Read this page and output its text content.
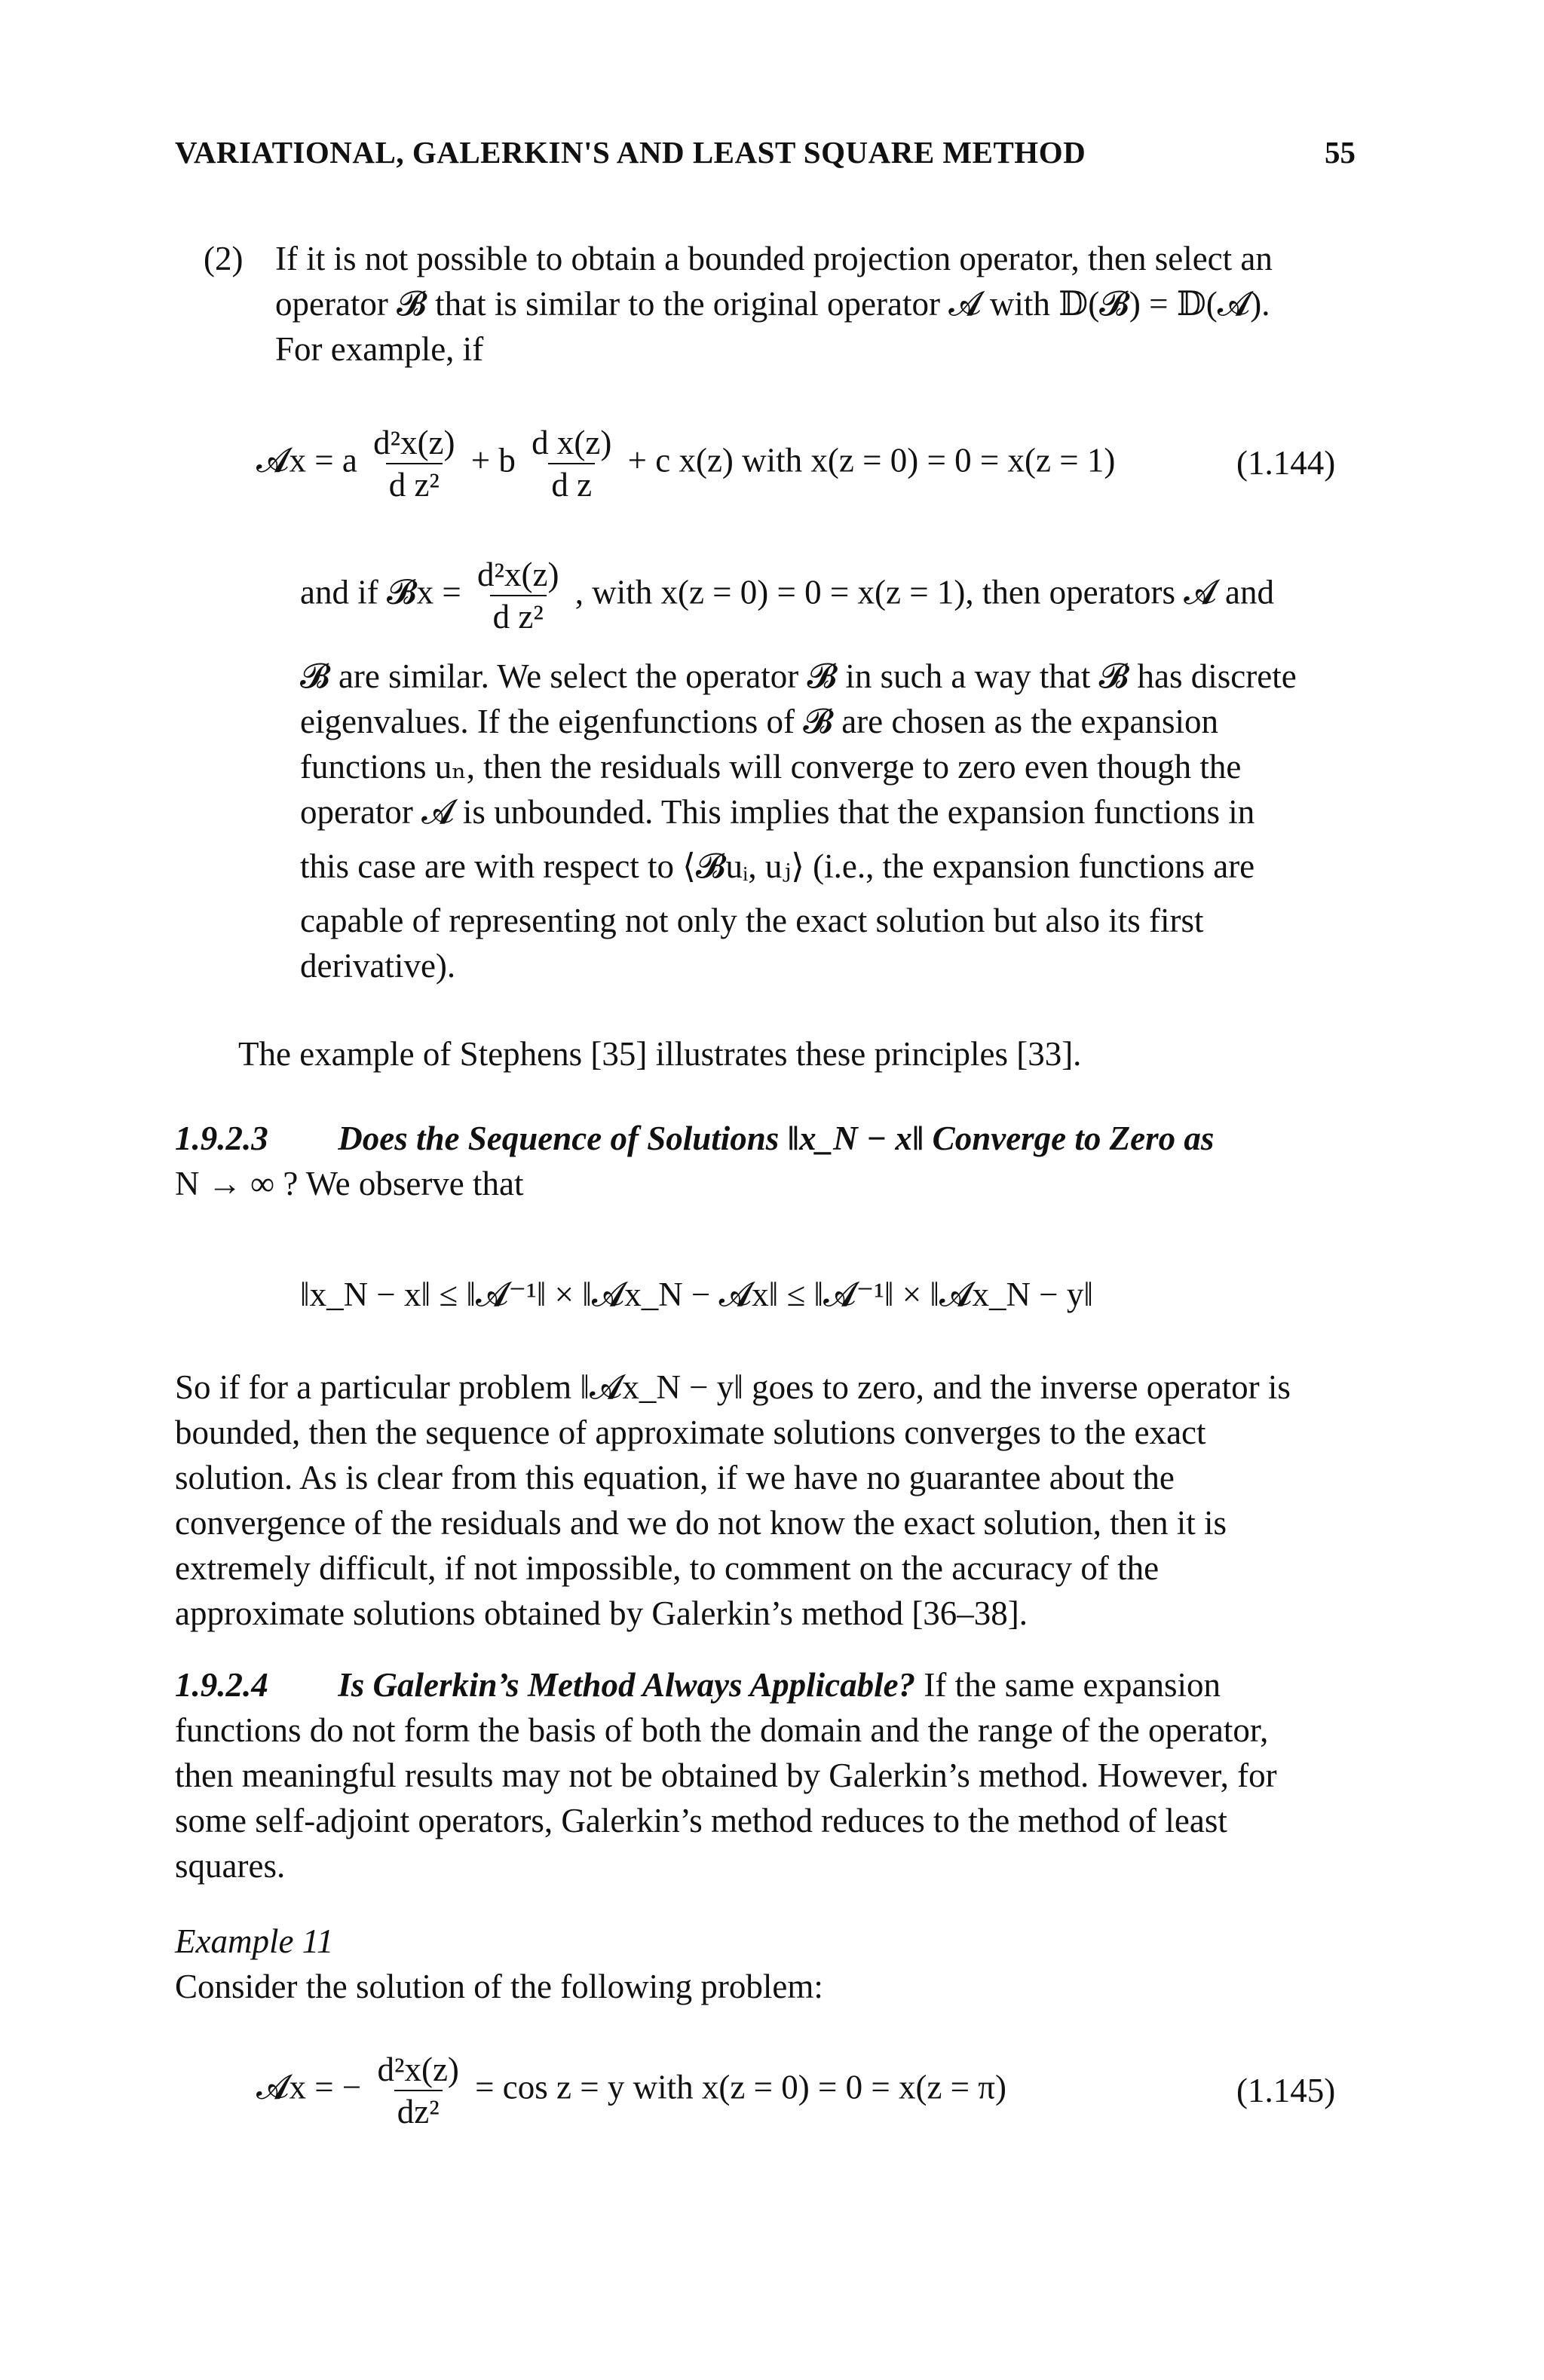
VARIATIONAL, GALERKIN'S AND LEAST SQUARE METHOD	55
(2) If it is not possible to obtain a bounded projection operator, then select an
operator 𝓑 that is similar to the original operator 𝓐 with 𝔻(𝓑) = 𝔻(𝓐).
For example, if
𝓐x = a $\frac{\text{d²x(z)}}{\text{d z²}} + b \frac{\text{d x(z)}}{\text{d z}} + c$ x(z) with x(z = 0) = 0 = x(z = 1)	(1.144)
and if 𝓑x = $\frac{\text{d²x(z)}}{\text{d z²}}$ , with x(z = 0) = 0 = x(z = 1), then operators 𝓐 and
𝓑 are similar. We select the operator 𝓑 in such a way that 𝓑 has discrete
eigenvalues. If the eigenfunctions of 𝓑 are chosen as the expansion
functions uₙ, then the residuals will converge to zero even though the
operator 𝓐 is unbounded. This implies that the expansion functions in
this case are with respect to ⟨𝓑uᵢ, uⱼ⟩ (i.e., the expansion functions are
capable of representing not only the exact solution but also its first
derivative).
The example of Stephens [35] illustrates these principles [33].
1.9.2.3 Does the Sequence of Solutions ‖x_N − x‖ Converge to Zero as
N → ∞ ? We observe that
‖x_N − x‖ ≤ ‖𝓐⁻¹‖ × ‖𝓐x_N − 𝓐x‖ ≤ ‖𝓐⁻¹‖ × ‖𝓐x_N − y‖
So if for a particular problem ‖𝓐x_N − y‖ goes to zero, and the inverse operator is
bounded, then the sequence of approximate solutions converges to the exact
solution. As is clear from this equation, if we have no guarantee about the
convergence of the residuals and we do not know the exact solution, then it is
extremely difficult, if not impossible, to comment on the accuracy of the
approximate solutions obtained by Galerkin’s method [36–38].
1.9.2.4 Is Galerkin’s Method Always Applicable? If the same expansion
functions do not form the basis of both the domain and the range of the operator,
then meaningful results may not be obtained by Galerkin’s method. However, for
some self-adjoint operators, Galerkin’s method reduces to the method of least
squares.
Example 11
Consider the solution of the following problem:
𝓐x = − $\frac{\text{d²x(z)}}{\text{dz²}} = \cos z = y$ with x(z = 0) = 0 = x(z = π)	(1.145)
